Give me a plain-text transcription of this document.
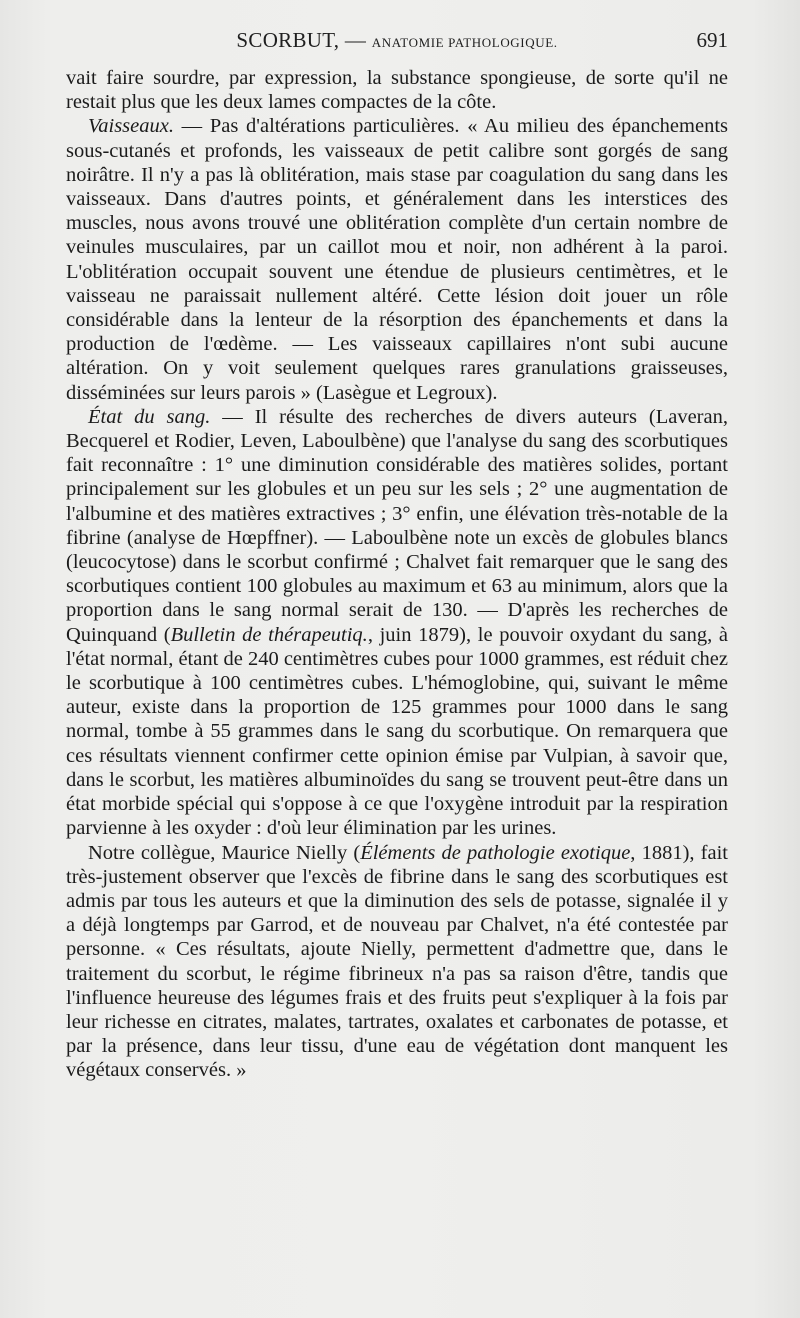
SCORBUT, — ANATOMIE PATHOLOGIQUE.	691

vait faire sourdre, par expression, la substance spongieuse, de sorte qu'il ne restait plus que les deux lames compactes de la côte.

Vaisseaux. — Pas d'altérations particulières. « Au milieu des épanchements sous-cutanés et profonds, les vaisseaux de petit calibre sont gorgés de sang noirâtre. Il n'y a pas là oblitération, mais stase par coagulation du sang dans les vaisseaux. Dans d'autres points, et généralement dans les interstices des muscles, nous avons trouvé une oblitération complète d'un certain nombre de veinules musculaires, par un caillot mou et noir, non adhérent à la paroi. L'oblitération occupait souvent une étendue de plusieurs centimètres, et le vaisseau ne paraissait nullement altéré. Cette lésion doit jouer un rôle considérable dans la lenteur de la résorption des épanchements et dans la production de l'œdème. — Les vaisseaux capillaires n'ont subi aucune altération. On y voit seulement quelques rares granulations graisseuses, disséminées sur leurs parois » (Lasègue et Legroux).

État du sang. — Il résulte des recherches de divers auteurs (Laveran, Becquerel et Rodier, Leven, Laboulbène) que l'analyse du sang des scorbutiques fait reconnaître : 1° une diminution considérable des matières solides, portant principalement sur les globules et un peu sur les sels ; 2° une augmentation de l'albumine et des matières extractives ; 3° enfin, une élévation très-notable de la fibrine (analyse de Hœpffner). — Laboulbène note un excès de globules blancs (leucocytose) dans le scorbut confirmé ; Chalvet fait remarquer que le sang des scorbutiques contient 100 globules au maximum et 63 au minimum, alors que la proportion dans le sang normal serait de 130. — D'après les recherches de Quinquand (Bulletin de thérapeutiq., juin 1879), le pouvoir oxydant du sang, à l'état normal, étant de 240 centimètres cubes pour 1000 grammes, est réduit chez le scorbutique à 100 centimètres cubes. L'hémoglobine, qui, suivant le même auteur, existe dans la proportion de 125 grammes pour 1000 dans le sang normal, tombe à 55 grammes dans le sang du scorbutique. On remarquera que ces résultats viennent confirmer cette opinion émise par Vulpian, à savoir que, dans le scorbut, les matières albuminoïdes du sang se trouvent peut-être dans un état morbide spécial qui s'oppose à ce que l'oxygène introduit par la respiration parvienne à les oxyder : d'où leur élimination par les urines.

Notre collègue, Maurice Nielly (Éléments de pathologie exotique, 1881), fait très-justement observer que l'excès de fibrine dans le sang des scorbutiques est admis par tous les auteurs et que la diminution des sels de potasse, signalée il y a déjà longtemps par Garrod, et de nouveau par Chalvet, n'a été contestée par personne. « Ces résultats, ajoute Nielly, permettent d'admettre que, dans le traitement du scorbut, le régime fibrineux n'a pas sa raison d'être, tandis que l'influence heureuse des légumes frais et des fruits peut s'expliquer à la fois par leur richesse en citrates, malates, tartrates, oxalates et carbonates de potasse, et par la présence, dans leur tissu, d'une eau de végétation dont manquent les végétaux conservés. »
